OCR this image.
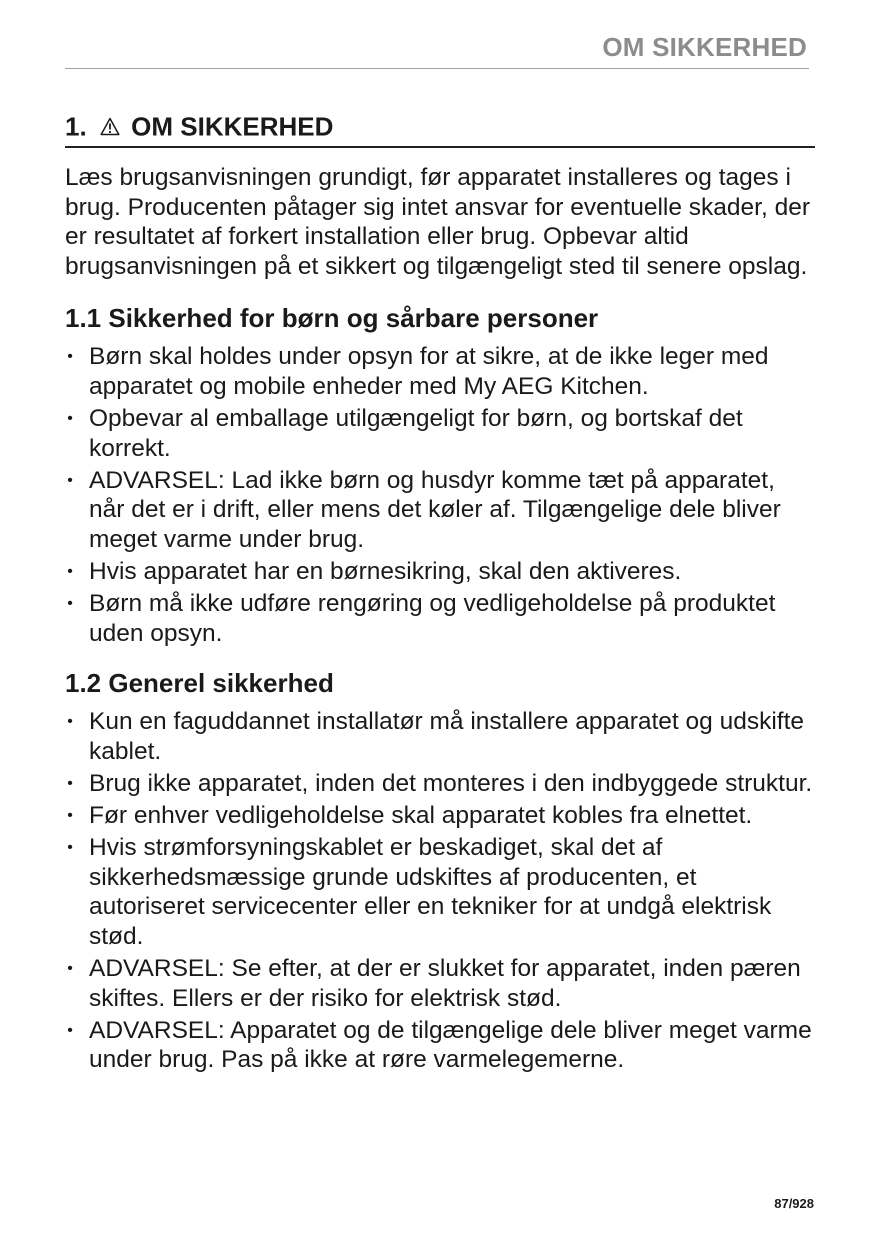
OM SIKKERHED
1. OM SIKKERHED

Læs brugsanvisningen grundigt, før apparatet installeres og tages i brug. Producenten påtager sig intet ansvar for eventuelle skader, der er resultatet af forkert installation eller brug. Opbevar altid brugsanvisningen på et sikkert og tilgængeligt sted til senere opslag.

1.1 Sikkerhed for børn og sårbare personer
• Børn skal holdes under opsyn for at sikre, at de ikke leger med apparatet og mobile enheder med My AEG Kitchen.
• Opbevar al emballage utilgængeligt for børn, og bortskaf det korrekt.
• ADVARSEL: Lad ikke børn og husdyr komme tæt på apparatet, når det er i drift, eller mens det køler af. Tilgængelige dele bliver meget varme under brug.
• Hvis apparatet har en børnesikring, skal den aktiveres.
• Børn må ikke udføre rengøring og vedligeholdelse på produktet uden opsyn.
1.2 Generel sikkerhed
• Kun en faguddannet installatør må installere apparatet og udskifte kablet.
• Brug ikke apparatet, inden det monteres i den indbyggede struktur.
• Før enhver vedligeholdelse skal apparatet kobles fra elnettet.
• Hvis strømforsyningskablet er beskadiget, skal det af sikkerhedsmæssige grunde udskiftes af producenten, et autoriseret servicecenter eller en tekniker for at undgå elektrisk stød.
• ADVARSEL: Se efter, at der er slukket for apparatet, inden pæren skiftes. Ellers er der risiko for elektrisk stød.
• ADVARSEL: Apparatet og de tilgængelige dele bliver meget varme under brug. Pas på ikke at røre varmelegemerne.
87/928
